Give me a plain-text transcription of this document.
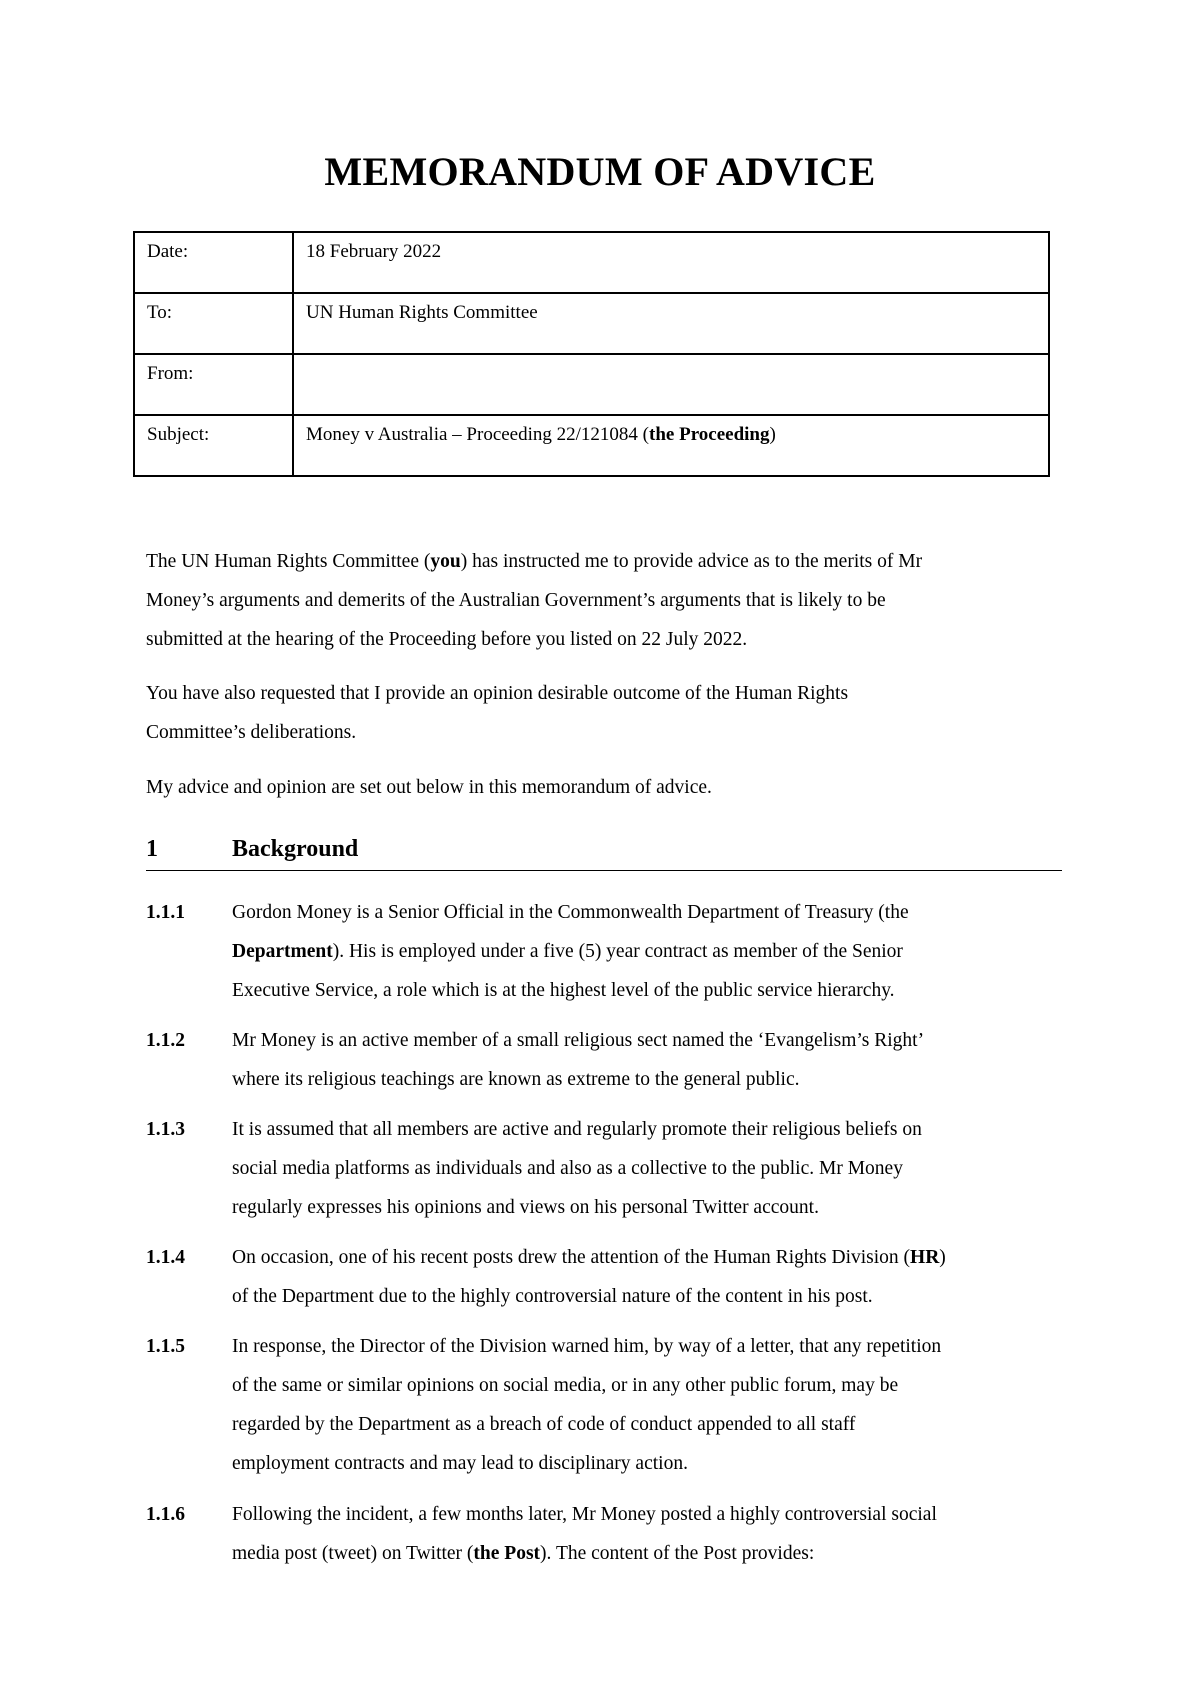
MEMORANDUM OF ADVICE
Date:	18 February 2022
To:	UN Human Rights Committee
From:	
Subject:	Money v Australia – Proceeding 22/121084 (the Proceeding)
The UN Human Rights Committee (you) has instructed me to provide advice as to the merits of Mr
Money’s arguments and demerits of the Australian Government’s arguments that is likely to be
submitted at the hearing of the Proceeding before you listed on 22 July 2022.
You have also requested that I provide an opinion desirable outcome of the Human Rights
Committee’s deliberations.
My advice and opinion are set out below in this memorandum of advice.
1	Background
1.1.1 Gordon Money is a Senior Official in the Commonwealth Department of Treasury (the
Department). His is employed under a five (5) year contract as member of the Senior
Executive Service, a role which is at the highest level of the public service hierarchy.
1.1.2 Mr Money is an active member of a small religious sect named the ‘Evangelism’s Right’
where its religious teachings are known as extreme to the general public.
1.1.3 It is assumed that all members are active and regularly promote their religious beliefs on
social media platforms as individuals and also as a collective to the public. Mr Money
regularly expresses his opinions and views on his personal Twitter account.
1.1.4 On occasion, one of his recent posts drew the attention of the Human Rights Division (HR)
of the Department due to the highly controversial nature of the content in his post.
1.1.5 In response, the Director of the Division warned him, by way of a letter, that any repetition
of the same or similar opinions on social media, or in any other public forum, may be
regarded by the Department as a breach of code of conduct appended to all staff
employment contracts and may lead to disciplinary action.
1.1.6 Following the incident, a few months later, Mr Money posted a highly controversial social
media post (tweet) on Twitter (the Post). The content of the Post provides:
